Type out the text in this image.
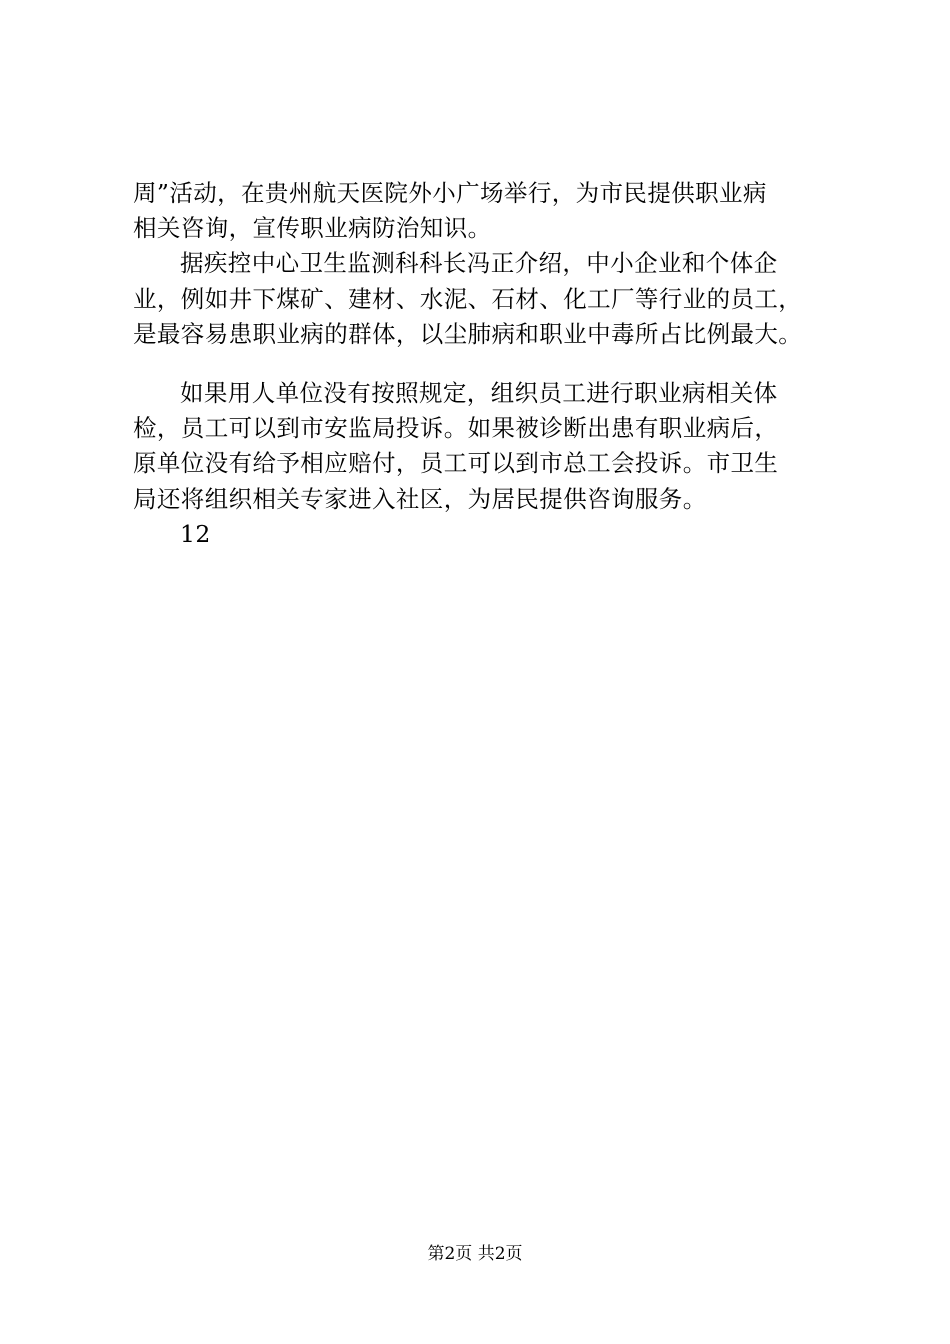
周”活动，在贵州航天医院外小广场举行，为市民提供职业病
相关咨询，宣传职业病防治知识。
据疾控中心卫生监测科科长冯正介绍，中小企业和个体企
业，例如井下煤矿、建材、水泥、石材、化工厂等行业的员工，
是最容易患职业病的群体，以尘肺病和职业中毒所占比例最大。
如果用人单位没有按照规定，组织员工进行职业病相关体
检，员工可以到市安监局投诉。如果被诊断出患有职业病后，
原单位没有给予相应赔付，员工可以到市总工会投诉。市卫生
局还将组织相关专家进入社区，为居民提供咨询服务。
12
第2页 共2页
